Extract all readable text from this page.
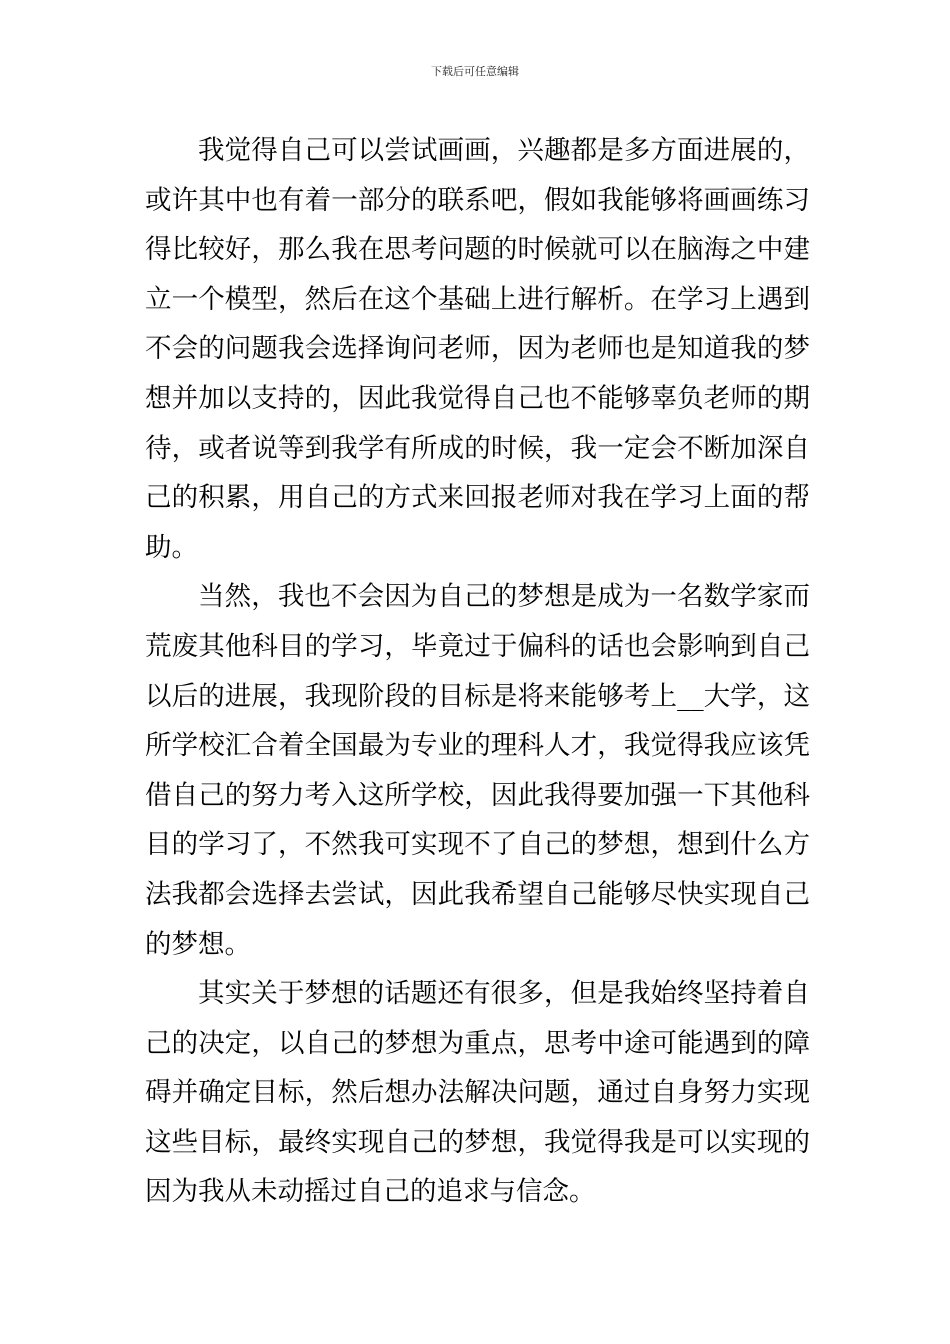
下载后可任意编辑

我觉得自己可以尝试画画，兴趣都是多方面进展的，或许其中也有着一部分的联系吧，假如我能够将画画练习得比较好，那么我在思考问题的时候就可以在脑海之中建立一个模型，然后在这个基础上进行解析。在学习上遇到不会的问题我会选择询问老师，因为老师也是知道我的梦想并加以支持的，因此我觉得自己也不能够辜负老师的期待，或者说等到我学有所成的时候，我一定会不断加深自己的积累，用自己的方式来回报老师对我在学习上面的帮助。

当然，我也不会因为自己的梦想是成为一名数学家而荒废其他科目的学习，毕竟过于偏科的话也会影响到自己以后的进展，我现阶段的目标是将来能够考上__大学，这所学校汇合着全国最为专业的理科人才，我觉得我应该凭借自己的努力考入这所学校，因此我得要加强一下其他科目的学习了，不然我可实现不了自己的梦想，想到什么方法我都会选择去尝试，因此我希望自己能够尽快实现自己的梦想。

其实关于梦想的话题还有很多，但是我始终坚持着自己的决定，以自己的梦想为重点，思考中途可能遇到的障碍并确定目标，然后想办法解决问题，通过自身努力实现这些目标，最终实现自己的梦想，我觉得我是可以实现的因为我从未动摇过自己的追求与信念。
